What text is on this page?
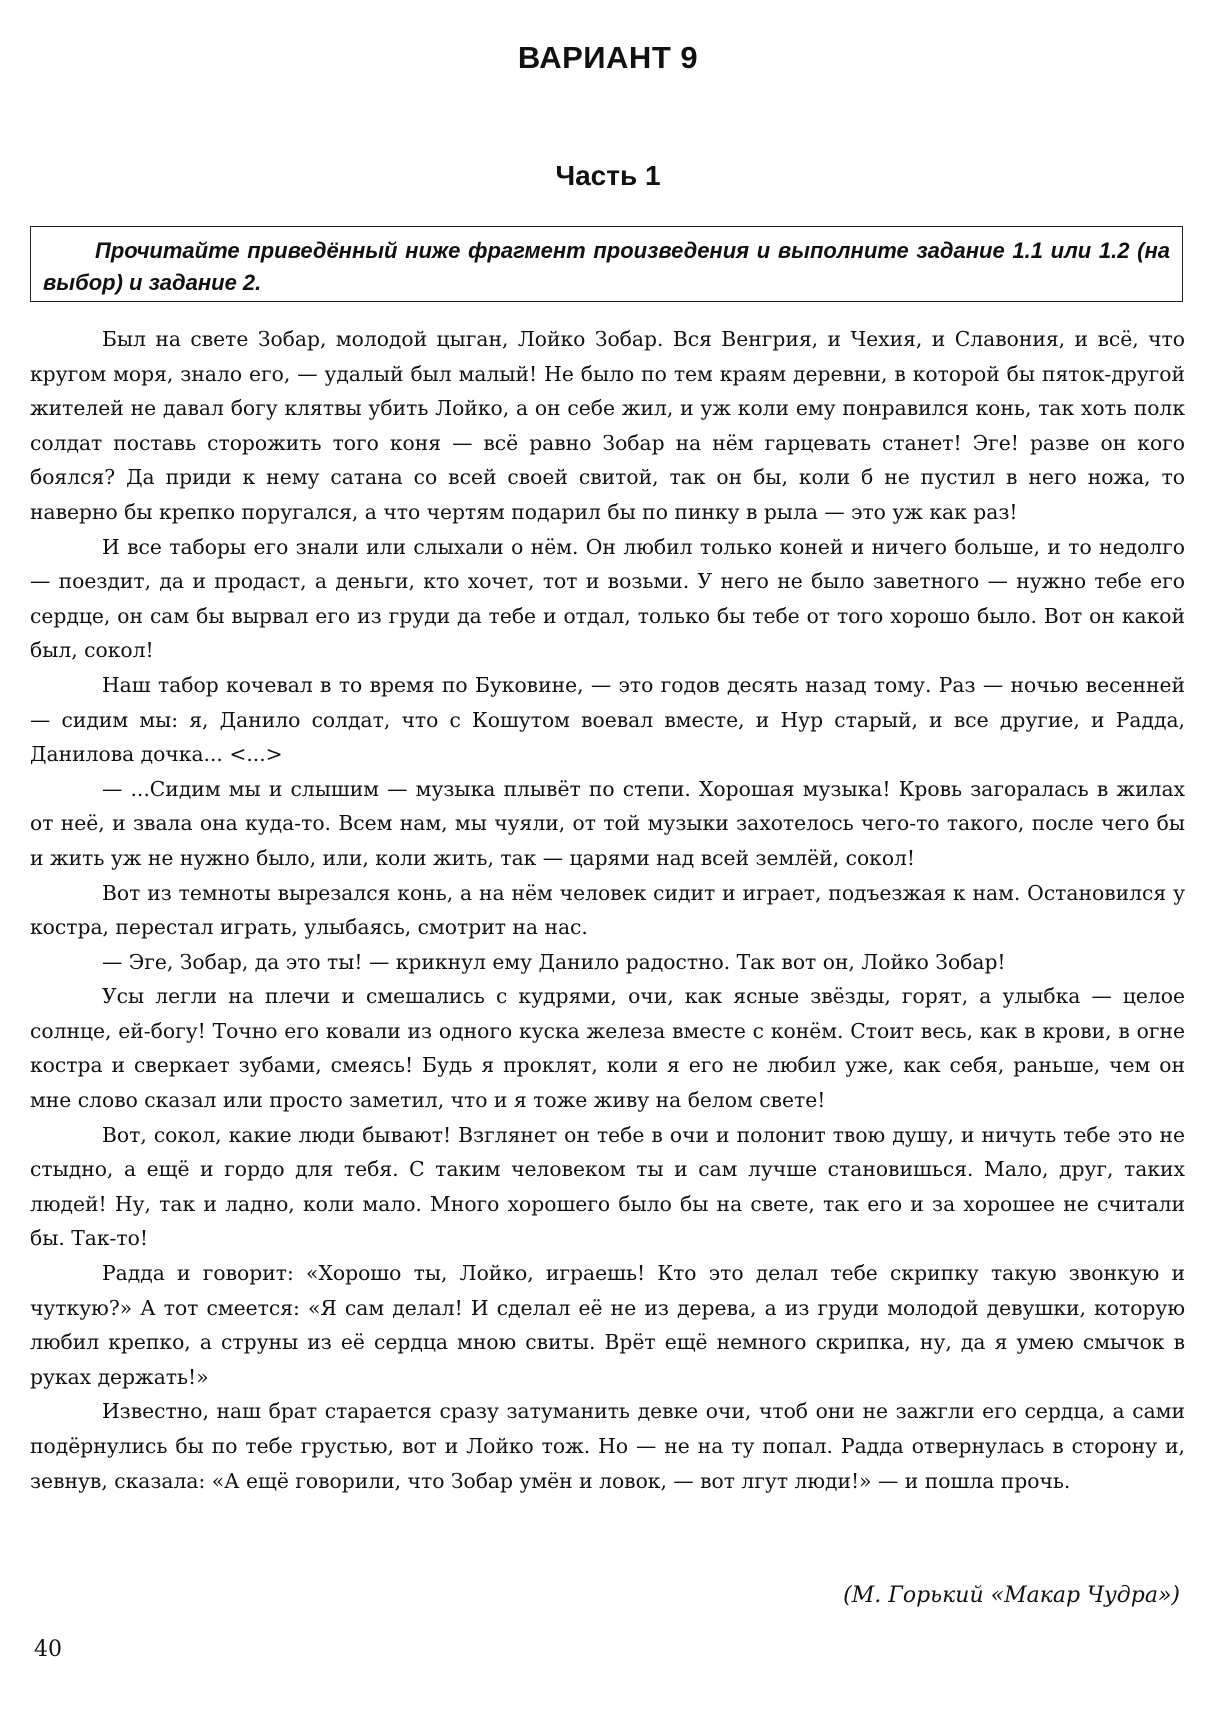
ВАРИАНТ 9
Часть 1

Прочитайте приведённый ниже фрагмент произведения и выполните задание 1.1 или 1.2 (на выбор) и задание 2.

Был на свете Зобар, молодой цыган, Лойко Зобар. Вся Венгрия, и Чехия, и Славония, и всё, что кругом моря, знало его, — удалый был малый! Не было по тем краям деревни, в которой бы пяток-другой жителей не давал богу клятвы убить Лойко, а он себе жил, и уж коли ему понравился конь, так хоть полк солдат поставь сторожить того коня — всё равно Зобар на нём гарцевать станет! Эге! разве он кого боялся? Да приди к нему сатана со всей своей свитой, так он бы, коли б не пустил в него ножа, то наверно бы крепко поругался, а что чертям подарил бы по пинку в рыла — это уж как раз!

И все таборы его знали или слыхали о нём. Он любил только коней и ничего больше, и то недолго — поездит, да и продаст, а деньги, кто хочет, тот и возьми. У него не было заветного — нужно тебе его сердце, он сам бы вырвал его из груди да тебе и отдал, только бы тебе от того хорошо было. Вот он какой был, сокол!

Наш табор кочевал в то время по Буковине, — это годов десять назад тому. Раз — ночью весенней — сидим мы: я, Данило солдат, что с Кошутом воевал вместе, и Нур старый, и все другие, и Радда, Данилова дочка... <...>

— ...Сидим мы и слышим — музыка плывёт по степи. Хорошая музыка! Кровь загоралась в жилах от неё, и звала она куда-то. Всем нам, мы чуяли, от той музыки захотелось чего-то такого, после чего бы и жить уж не нужно было, или, коли жить, так — царями над всей землёй, сокол!

Вот из темноты вырезался конь, а на нём человек сидит и играет, подъезжая к нам. Остановился у костра, перестал играть, улыбаясь, смотрит на нас.

— Эге, Зобар, да это ты! — крикнул ему Данило радостно. Так вот он, Лойко Зобар!

Усы легли на плечи и смешались с кудрями, очи, как ясные звёзды, горят, а улыбка — целое солнце, ей-богу! Точно его ковали из одного куска железа вместе с конём. Стоит весь, как в крови, в огне костра и сверкает зубами, смеясь! Будь я проклят, коли я его не любил уже, как себя, раньше, чем он мне слово сказал или просто заметил, что и я тоже живу на белом свете!

Вот, сокол, какие люди бывают! Взглянет он тебе в очи и полонит твою душу, и ничуть тебе это не стыдно, а ещё и гордо для тебя. С таким человеком ты и сам лучше становишься. Мало, друг, таких людей! Ну, так и ладно, коли мало. Много хорошего было бы на свете, так его и за хорошее не считали бы. Так-то!

Радда и говорит: «Хорошо ты, Лойко, играешь! Кто это делал тебе скрипку такую звонкую и чуткую?» А тот смеется: «Я сам делал! И сделал её не из дерева, а из груди молодой девушки, которую любил крепко, а струны из её сердца мною свиты. Врёт ещё немного скрипка, ну, да я умею смычок в руках держать!»

Известно, наш брат старается сразу затуманить девке очи, чтоб они не зажгли его сердца, а сами подёрнулись бы по тебе грустью, вот и Лойко тож. Но — не на ту попал. Радда отвернулась в сторону и, зевнув, сказала: «А ещё говорили, что Зобар умён и ловок, — вот лгут люди!» — и пошла прочь.

(М. Горький «Макар Чудра»)

40
